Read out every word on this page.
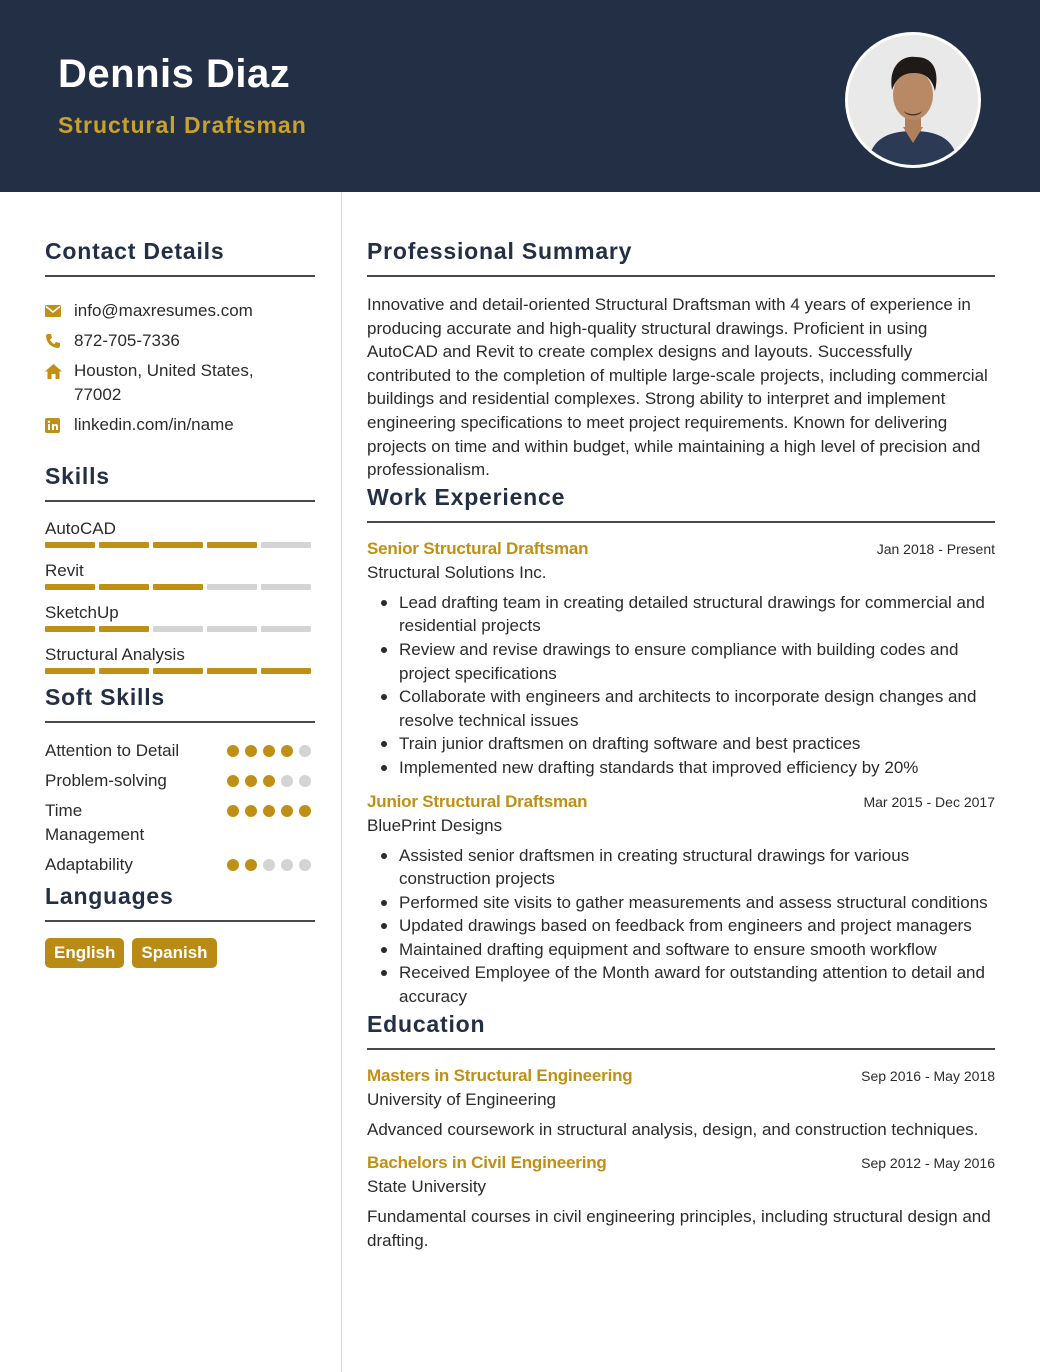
Dennis Diaz
Structural Draftsman
Contact Details
info@maxresumes.com
872-705-7336
Houston, United States, 77002
linkedin.com/in/name
Skills
AutoCAD
Revit
SketchUp
Structural Analysis
Soft Skills
Attention to Detail
Problem-solving
Time Management
Adaptability
Languages
English	Spanish
Professional Summary
Innovative and detail-oriented Structural Draftsman with 4 years of experience in producing accurate and high-quality structural drawings. Proficient in using AutoCAD and Revit to create complex designs and layouts. Successfully contributed to the completion of multiple large-scale projects, including commercial buildings and residential complexes. Strong ability to interpret and implement engineering specifications to meet project requirements. Known for delivering projects on time and within budget, while maintaining a high level of precision and professionalism.
Work Experience
Senior Structural Draftsman	Jan 2018 - Present
Structural Solutions Inc.
Lead drafting team in creating detailed structural drawings for commercial and residential projects
Review and revise drawings to ensure compliance with building codes and project specifications
Collaborate with engineers and architects to incorporate design changes and resolve technical issues
Train junior draftsmen on drafting software and best practices
Implemented new drafting standards that improved efficiency by 20%
Junior Structural Draftsman	Mar 2015 - Dec 2017
BluePrint Designs
Assisted senior draftsmen in creating structural drawings for various construction projects
Performed site visits to gather measurements and assess structural conditions
Updated drawings based on feedback from engineers and project managers
Maintained drafting equipment and software to ensure smooth workflow
Received Employee of the Month award for outstanding attention to detail and accuracy
Education
Masters in Structural Engineering	Sep 2016 - May 2018
University of Engineering
Advanced coursework in structural analysis, design, and construction techniques.
Bachelors in Civil Engineering	Sep 2012 - May 2016
State University
Fundamental courses in civil engineering principles, including structural design and drafting.
